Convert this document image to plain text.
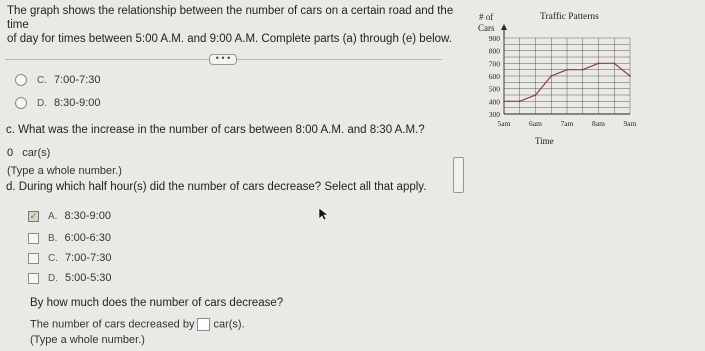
The graph shows the relationship between the number of cars on a certain road and the time
of day for times between 5:00 A.M. and 9:00 A.M. Complete parts (a) through (e) below.
• • •
C. 7:00-7:30
D. 8:30-9:00
c. What was the increase in the number of cars between 8:00 A.M. and 8:30 A.M.?
0 car(s)
(Type a whole number.)
d. During which half hour(s) did the number of cars decrease? Select all that apply.
✓ A. 8:30-9:00
B. 6:00-6:30
C. 7:00-7:30
D. 5:00-5:30
By how much does the number of cars decrease?
The number of cars decreased by car(s).
(Type a whole number.)
# of
Cars
Traffic Patterns
Time
300
400
500
600
700
800
900
5am 6am 7am 8am 9am
